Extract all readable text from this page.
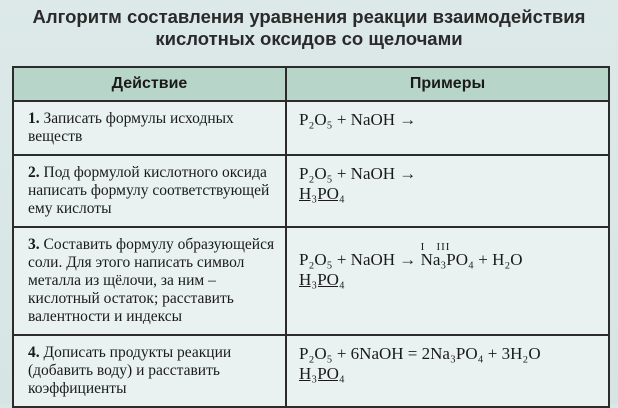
Алгоритм составления уравнения реакции взаимодействия
кислотных оксидов со щелочами
Действие	Примеры
1. Записать формулы исходных веществ	P₂O₅ + NaOH →

2. Под формулой кислотного оксида написать формулу соответствующей ему кислоты	P₂O₅ + NaOH →
H₃PO₄

3. Составить формулу образующейся соли. Для этого написать символ металла из щёлочи, за ним – кислотный остаток; расставить валентности и индексы	P₂O₅ + NaOH →
I III
Na₃PO₄ + H₂O
H₃PO₄

4. Дописать продукты реакции (добавить воду) и расставить коэффициенты	P₂O₅ + 6NaOH = 2Na₃PO₄ + 3H₂O
H₃PO₄
